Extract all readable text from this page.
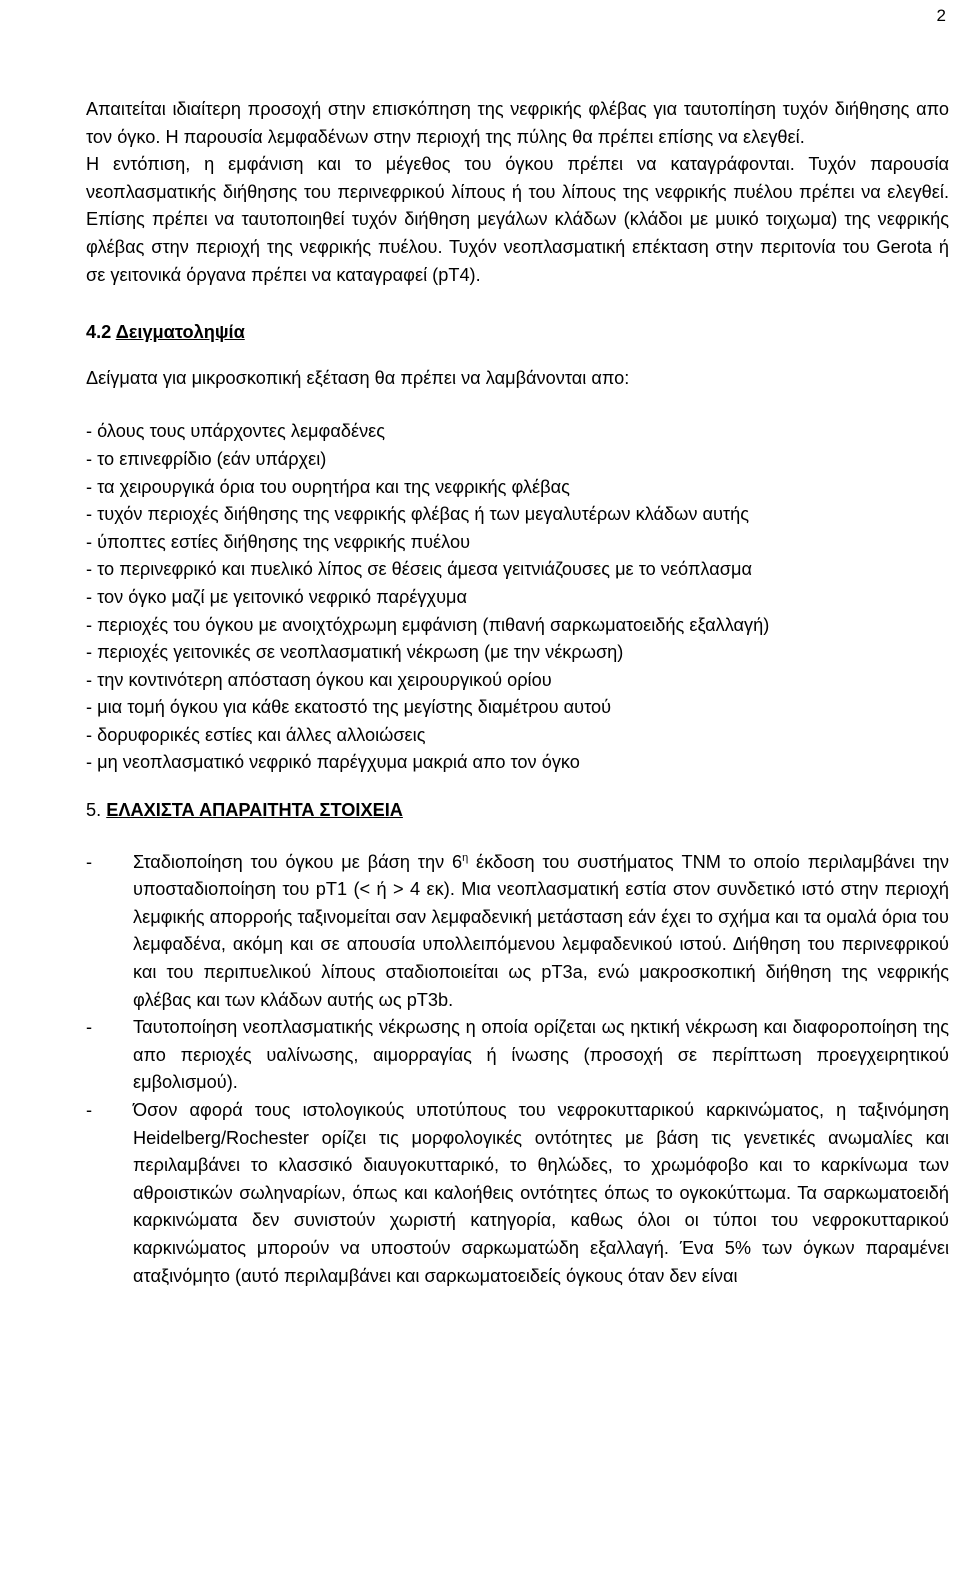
2

Απαιτείται ιδιαίτερη προσοχή στην επισκόπηση της νεφρικής φλέβας για ταυτοπίηση τυχόν διήθησης απο τον όγκο. Η παρουσία λεμφαδένων στην περιοχή της πύλης θα πρέπει επίσης να ελεγθεί.

Η εντόπιση, η εμφάνιση και το μέγεθος του όγκου πρέπει να καταγράφονται. Τυχόν παρουσία νεοπλασματικής διήθησης του περινεφρικού λίπους ή του λίπους της νεφρικής πυέλου πρέπει να ελεγθεί. Επίσης πρέπει να ταυτοποιηθεί τυχόν διήθηση μεγάλων κλάδων (κλάδοι με μυικό τοιχωμα) της νεφρικής φλέβας στην περιοχή της νεφρικής πυέλου. Τυχόν νεοπλασματική επέκταση στην περιτονία του Gerota ή σε γειτονικά όργανα πρέπει να καταγραφεί (pT4).

4.2 Δειγματοληψία

Δείγματα για μικροσκοπική εξέταση θα πρέπει να λαμβάνονται απο:

- όλους τους υπάρχοντες λεμφαδένες
- το επινεφρίδιο (εάν υπάρχει)
- τα χειρουργικά όρια του ουρητήρα και της νεφρικής φλέβας
- τυχόν περιοχές διήθησης της νεφρικής φλέβας ή των μεγαλυτέρων κλάδων αυτής
- ύποπτες εστίες διήθησης της νεφρικής πυέλου
- το περινεφρικό και πυελικό λίπος σε θέσεις άμεσα γειτνιάζουσες με το νεόπλασμα
- τον όγκο μαζί με γειτονικό νεφρικό παρέγχυμα
- περιοχές του όγκου με ανοιχτόχρωμη εμφάνιση (πιθανή σαρκωματοειδής εξαλλαγή)
- περιοχές γειτονικές σε νεοπλασματική νέκρωση (με την νέκρωση)
- την κοντινότερη απόσταση όγκου και χειρουργικού ορίου
- μια τομή όγκου για κάθε εκατοστό της μεγίστης διαμέτρου αυτού
- δορυφορικές εστίες και άλλες αλλοιώσεις
- μη νεοπλασματικό νεφρικό παρέγχυμα μακριά απο τον όγκο
5. ΕΛΑΧΙΣΤΑ ΑΠΑΡΑΙΤΗΤΑ ΣΤΟΙΧΕΙΑ
- Σταδιοποίηση του όγκου με βάση την $6^\eta$ έκδοση του συστήματος TNM το οποίο περιλαμβάνει την υποσταδιοποίηση του pT1 (< ή > 4 εκ). Μια νεοπλασματική εστία στον συνδετικό ιστό στην περιοχή λεμφικής απορροής ταξινομείται σαν λεμφαδενική μετάσταση εάν έχει το σχήμα και τα ομαλά όρια του λεμφαδένα, ακόμη και σε απουσία υπολλειπόμενου λεμφαδενικού ιστού. Διήθηση του περινεφρικού και του περιπυελικού λίπους σταδιοποιείται ως pT3a, ενώ μακροσκοπική διήθηση της νεφρικής φλέβας και των κλάδων αυτής ως pT3b.
- Ταυτοποίηση νεοπλασματικής νέκρωσης η οποία ορίζεται ως ηκτική νέκρωση και διαφοροποίηση της απο περιοχές υαλίνωσης, αιμορραγίας ή ίνωσης (προσοχή σε περίπτωση προεγχειρητικού εμβολισμού).
- Όσον αφορά τους ιστολογικούς υποτύπους του νεφροκυτταρικού καρκινώματος, η ταξινόμηση Heidelberg/Rochester ορίζει τις μορφολογικές οντότητες με βάση τις γενετικές ανωμαλίες και περιλαμβάνει το κλασσικό διαυγοκυτταρικό, το θηλώδες, το χρωμόφοβο και το καρκίνωμα των αθροιστικών σωληναρίων, όπως και καλοήθεις οντότητες όπως το ογκοκύττωμα. Τα σαρκωματοειδή καρκινώματα δεν συνιστούν χωριστή κατηγορία, καθως όλοι οι τύποι του νεφροκυτταρικού καρκινώματος μπορούν να υποστούν σαρκωματώδη εξαλλαγή. Ένα 5% των όγκων παραμένει αταξινόμητο (αυτό περιλαμβάνει και σαρκωματοειδείς όγκους όταν δεν είναι
